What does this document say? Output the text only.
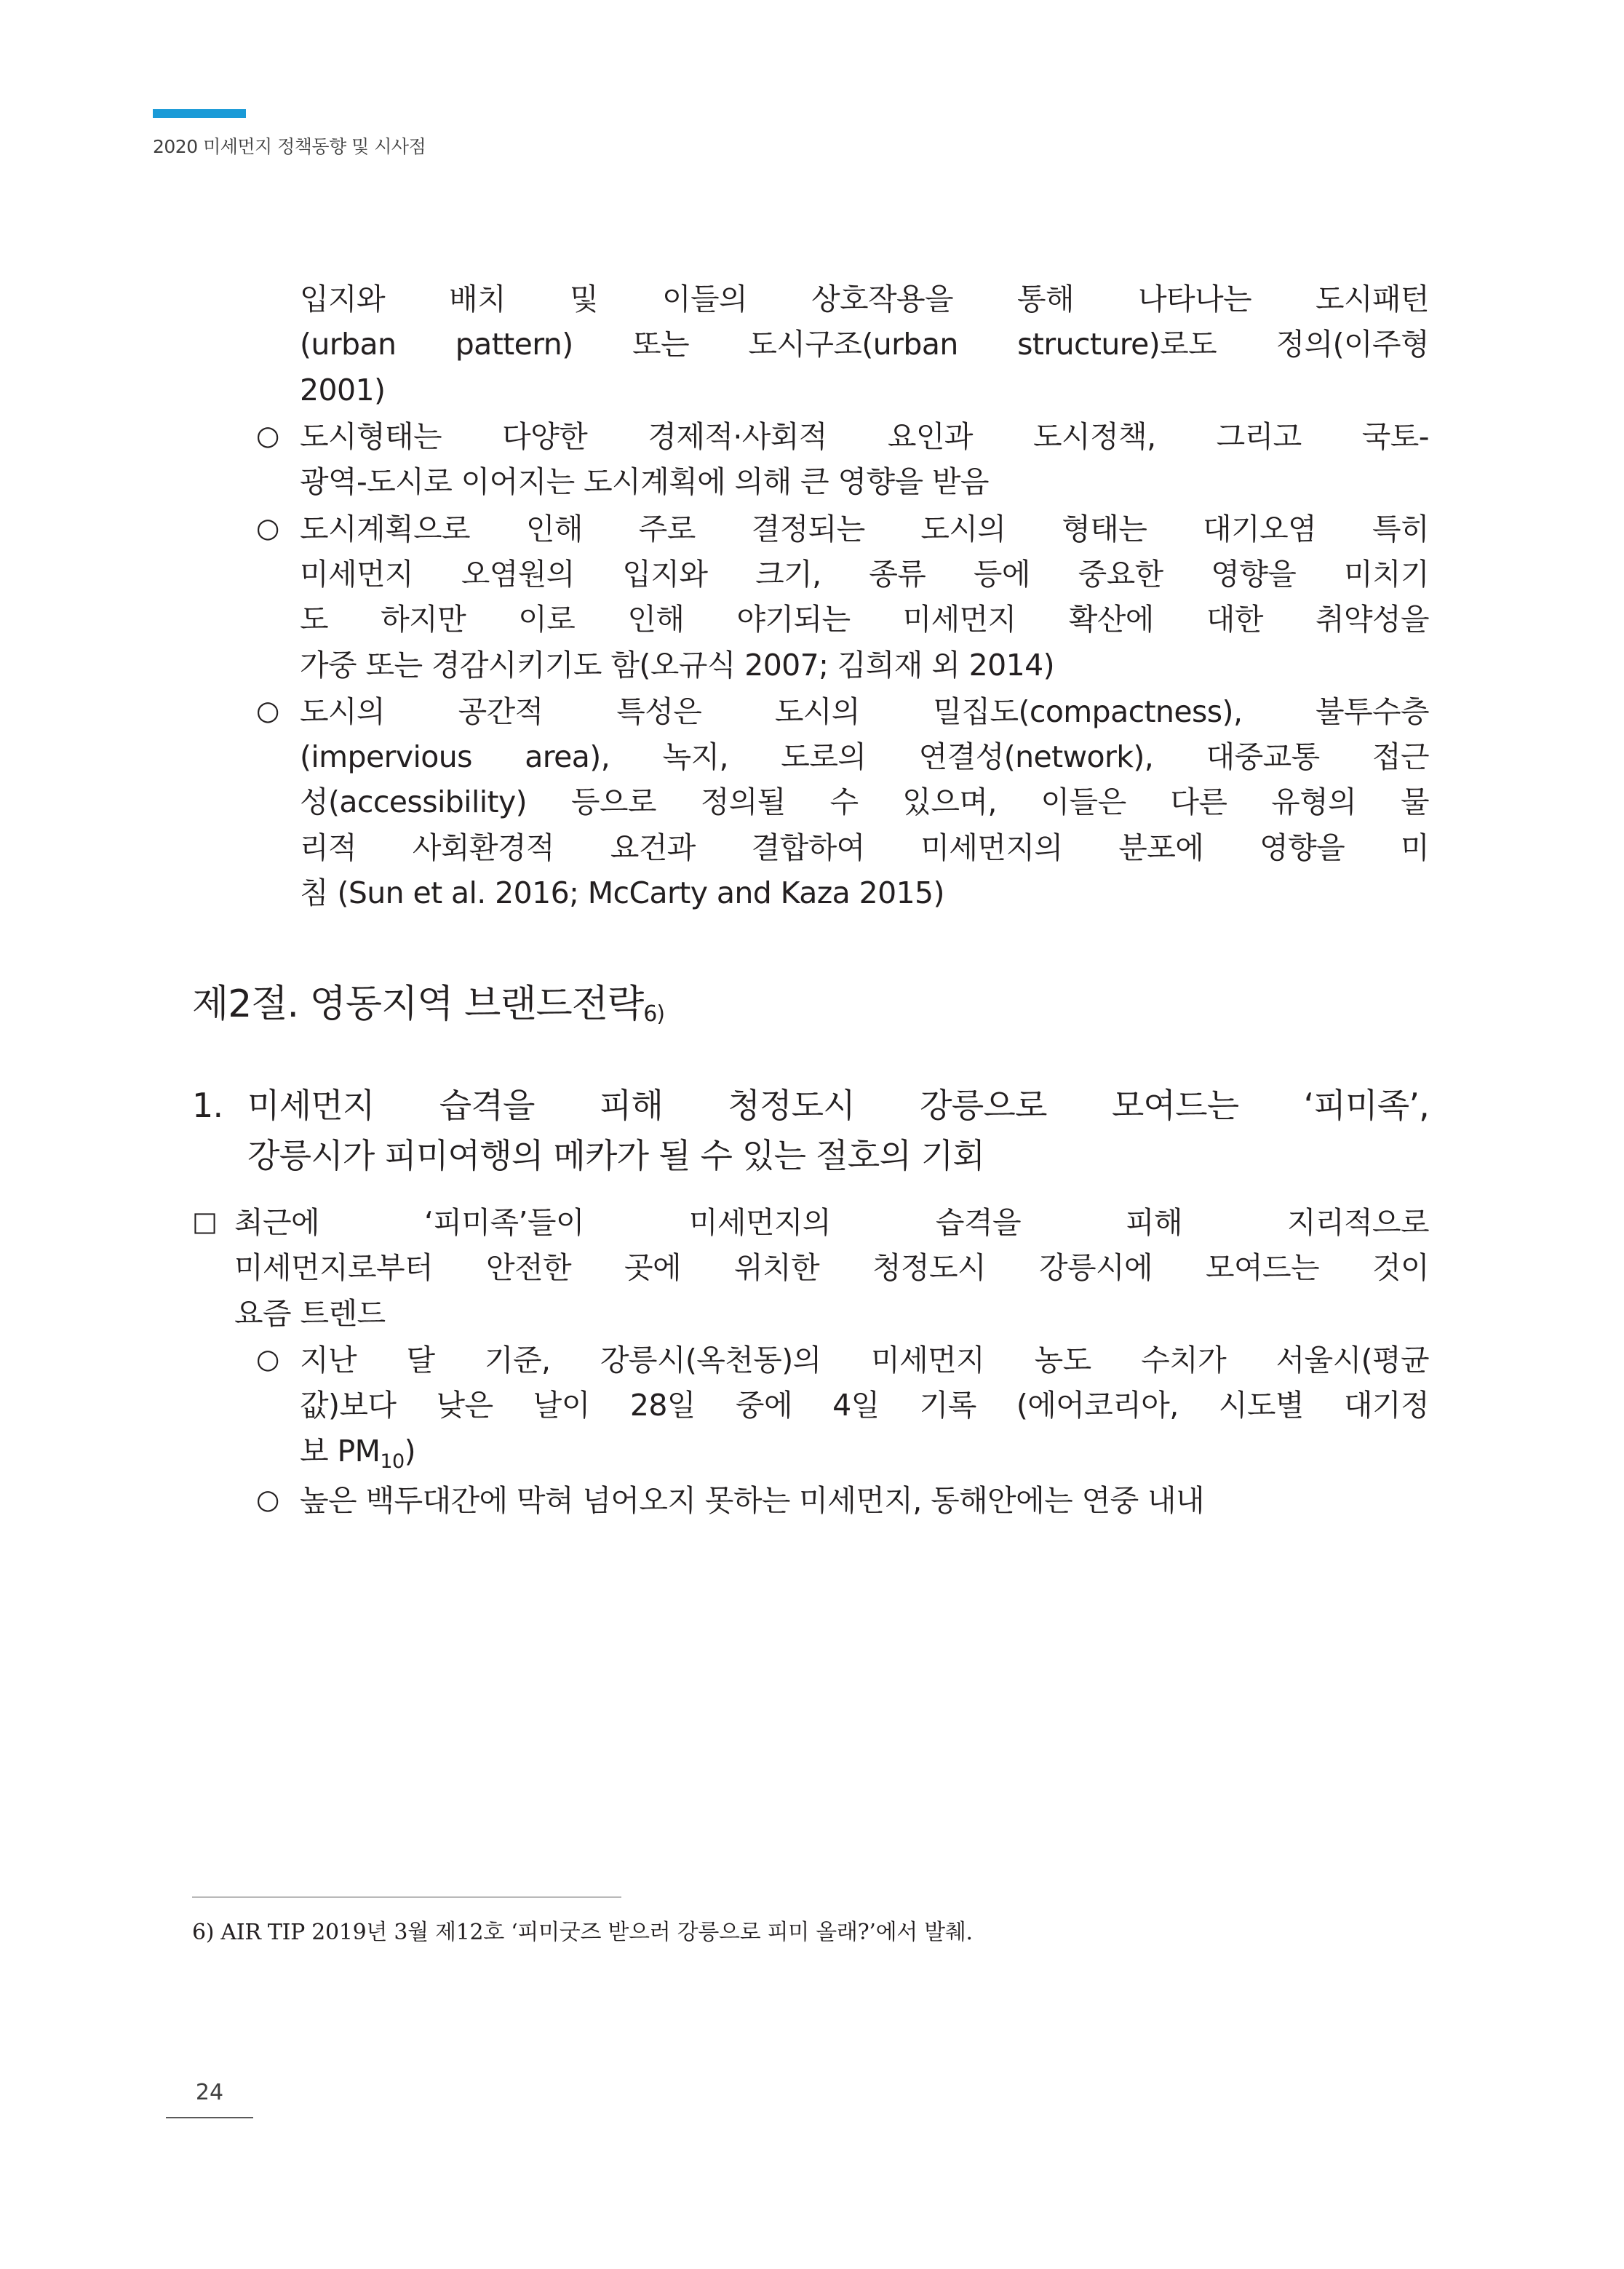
2020 미세먼지 정책동향 및 시사점
입지와 배치 및 이들의 상호작용을 통해 나타나는 도시패턴
(urban pattern) 또는 도시구조(urban structure)로도 정의(이주형
2001)
○ 도시형태는 다양한 경제적·사회적 요인과 도시정책, 그리고 국토-
광역-도시로 이어지는 도시계획에 의해 큰 영향을 받음
○ 도시계획으로 인해 주로 결정되는 도시의 형태는 대기오염 특히
미세먼지 오염원의 입지와 크기, 종류 등에 중요한 영향을 미치기
도 하지만 이로 인해 야기되는 미세먼지 확산에 대한 취약성을
가중 또는 경감시키기도 함(오규식 2007; 김희재 외 2014)
○ 도시의 공간적 특성은 도시의 밀집도(compactness), 불투수층
(impervious area), 녹지, 도로의 연결성(network), 대중교통 접근
성(accessibility) 등으로 정의될 수 있으며, 이들은 다른 유형의 물
리적 사회환경적 요건과 결합하여 미세먼지의 분포에 영향을 미
침 (Sun et al. 2016; McCarty and Kaza 2015)
제2절. 영동지역 브랜드전략$^{6)}$
1. 미세먼지 습격을 피해 청정도시 강릉으로 모여드는 ‘피미족’,
강릉시가 피미여행의 메카가 될 수 있는 절호의 기회
□ 최근에 ‘피미족’들이 미세먼지의 습격을 피해 지리적으로
미세먼지로부터 안전한 곳에 위치한 청정도시 강릉시에 모여드는 것이
요즘 트렌드
○ 지난 달 기준, 강릉시(옥천동)의 미세먼지 농도 수치가 서울시(평균
값)보다 낮은 날이 28일 중에 4일 기록 (에어코리아, 시도별 대기정
보 $PM_{10}$)
○ 높은 백두대간에 막혀 넘어오지 못하는 미세먼지, 동해안에는 연중 내내
6) AIR TIP 2019년 3월 제12호 ‘피미굿즈 받으러 강릉으로 피미 올래?’에서 발췌.
24
